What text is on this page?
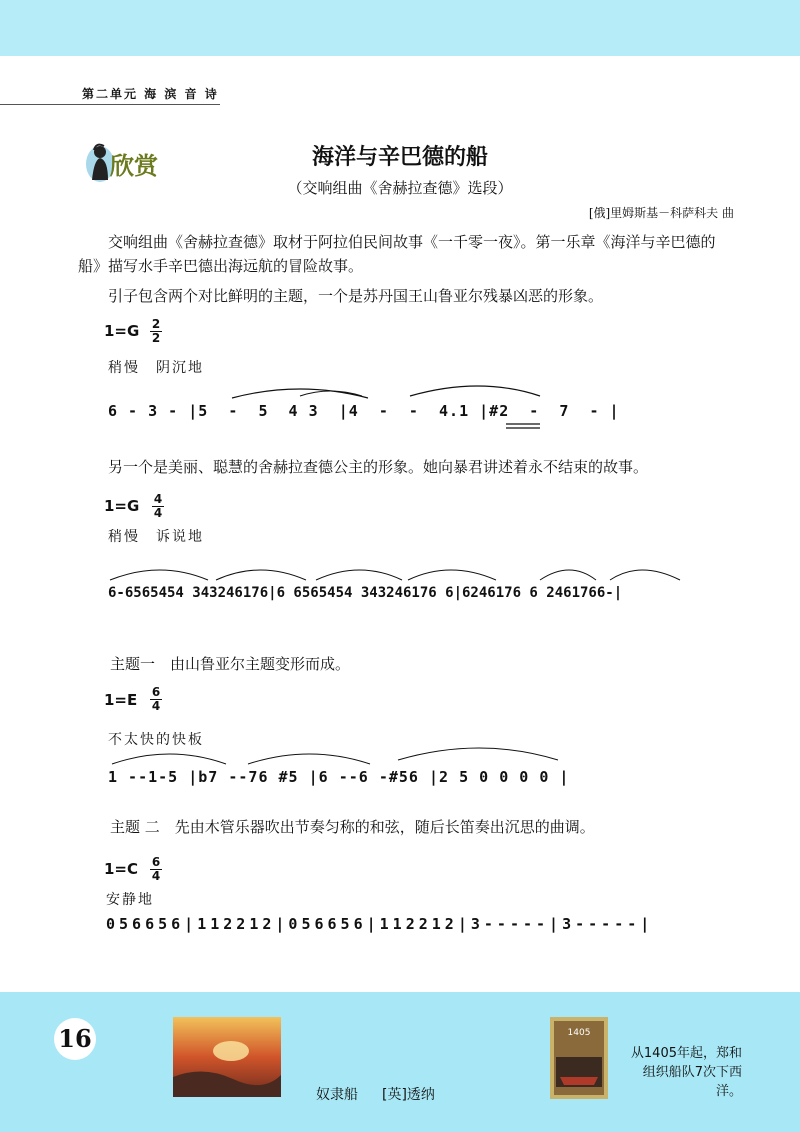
第二单元 海 滨 音 诗
欣赏	海洋与辛巴德的船
（交响组曲《舍赫拉查德》选段）
[俄]里姆斯基－科萨科夫 曲
交响组曲《舍赫拉查德》取材于阿拉伯民间故事《一千零一夜》。第一乐章《海洋与辛巴德的船》描写水手辛巴德出海远航的冒险故事。
引子包含两个对比鲜明的主题，一个是苏丹国王山鲁亚尔残暴凶恶的形象。
$1=G \frac{2}{2}$
稍慢　阴沉地
6 - 3 - |5  -  5  4 3  |4  -  -  4.1 |#2  -  7  - |
另一个是美丽、聪慧的舍赫拉查德公主的形象。她向暴君讲述着永不结束的故事。
$1=G \frac{4}{4}$
稍慢　诉说地
6-6565454 343246176|6 6565454 343246176 6|6246176 6 2461766-|
主题一　由山鲁亚尔主题变形而成。
$1=E \frac{6}{4}$
不太快的快板
1 --1-5 |b7 --76 #5 |6 --6 -#56 |2 5 0 0 0 0 |
主题 二　先由木管乐器吹出节奏匀称的和弦，随后长笛奏出沉思的曲调。
$1=C \frac{6}{4}$
安静地
056656|112212|056656|112212|3-----|3-----|
16
奴隶船 [英]透纳
1405
从1405年起，郑和组织船队7次下西洋。
